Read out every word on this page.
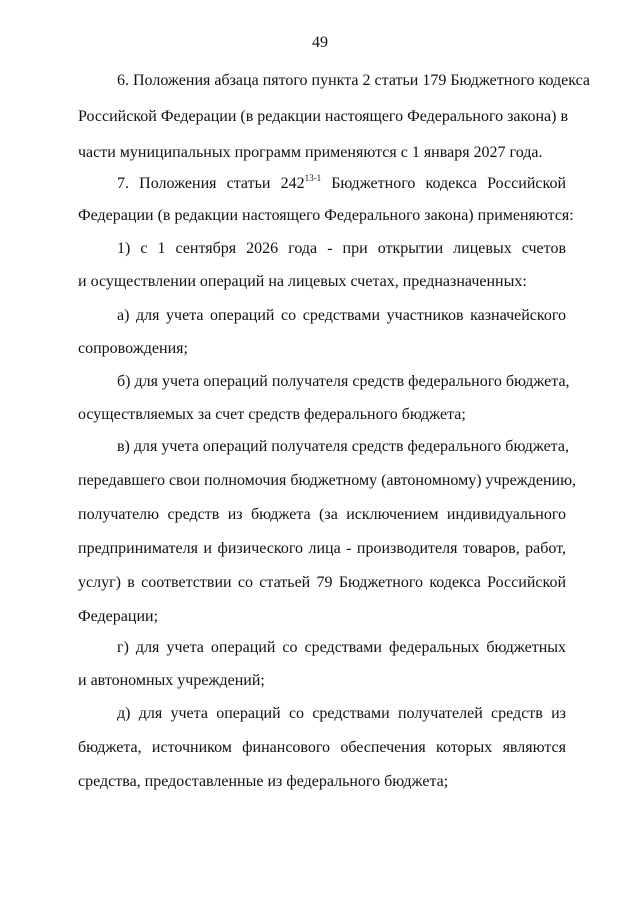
49
6. Положения абзаца пятого пункта 2 статьи 179 Бюджетного кодекса
Российской Федерации (в редакции настоящего Федерального закона) в
части муниципальных программ применяются с 1 января 2027 года.
7. Положения статьи 242$^{13-1}$ Бюджетного кодекса Российской
Федерации (в редакции настоящего Федерального закона) применяются:
1) с 1 сентября 2026 года - при открытии лицевых счетов
и осуществлении операций на лицевых счетах, предназначенных:
а) для учета операций со средствами участников казначейского
сопровождения;
б) для учета операций получателя средств федерального бюджета,
осуществляемых за счет средств федерального бюджета;
в) для учета операций получателя средств федерального бюджета,
передавшего свои полномочия бюджетному (автономному) учреждению,
получателю средств из бюджета (за исключением индивидуального
предпринимателя и физического лица - производителя товаров, работ,
услуг) в соответствии со статьей 79 Бюджетного кодекса Российской
Федерации;
г) для учета операций со средствами федеральных бюджетных
и автономных учреждений;
д) для учета операций со средствами получателей средств из
бюджета, источником финансового обеспечения которых являются
средства, предоставленные из федерального бюджета;
